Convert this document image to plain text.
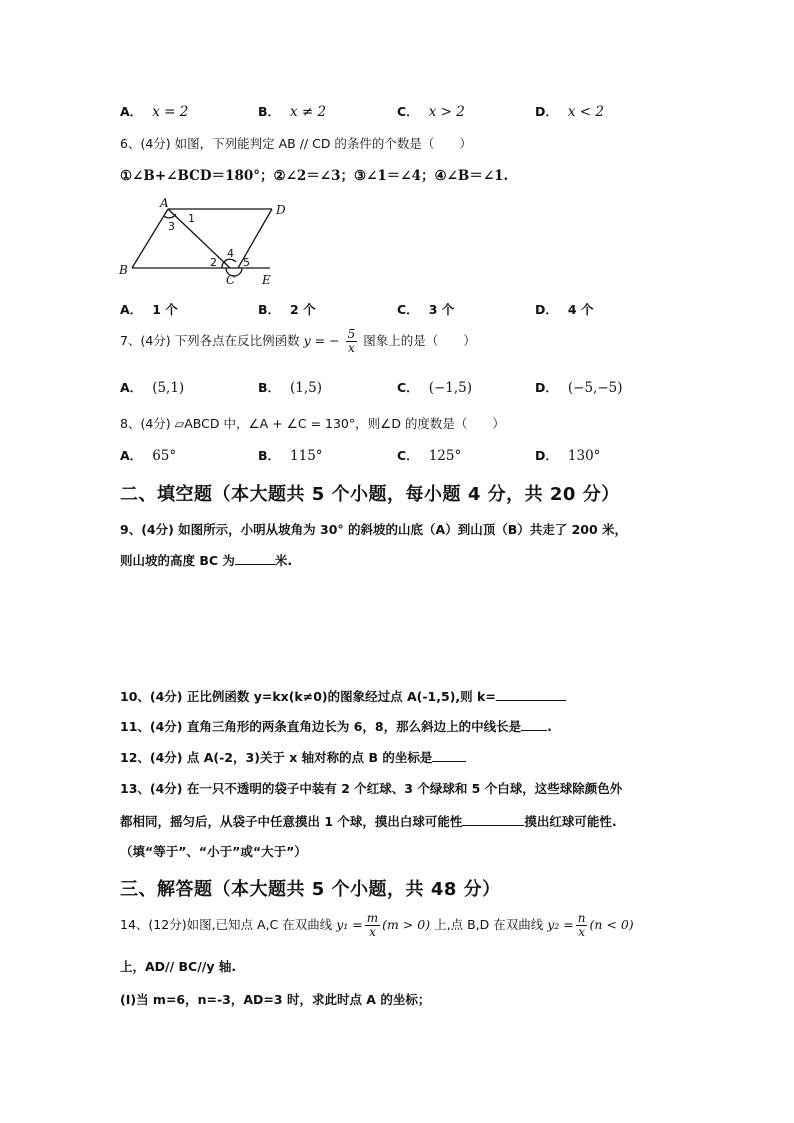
A． x = 2	B． x ≠ 2	C． x > 2	D． x < 2
6、(4分) 如图，下列能判定 AB // CD 的条件的个数是（　　）
①∠B+∠BCD＝180°；②∠2＝∠3；③∠1＝∠4；④∠B＝∠1.
A	D
B
C E
1
3
2
4
5
A． 1 个	B． 2 个	C． 3 个	D． 4 个
7、(4分) 下列各点在反比例函数 y = − $\frac{5}{x}$ 图象上的是（　　）
A． (5,1)	B． (1,5)	C． (−1,5)	D． (−5,−5)
8、(4分) ▱ABCD 中，∠A + ∠C = 130°，则∠D 的度数是（　　）
A． 65°	B． 115°	C． 125°	D． 130°
二、填空题（本大题共 5 个小题，每小题 4 分，共 20 分）
9、(4分) 如图所示，小明从坡角为 30° 的斜坡的山底（A）到山顶（B）共走了 200 米，
则山坡的高度 BC 为	米.
10、(4分) 正比例函数 y=kx(k≠0)的图象经过点 A(-1,5),则 k=
11、(4分) 直角三角形的两条直角边长为 6，8，那么斜边上的中线长是 .
12、(4分) 点 A(-2，3)关于 x 轴对称的点 B 的坐标是
13、(4分) 在一只不透明的袋子中装有 2 个红球、3 个绿球和 5 个白球，这些球除颜色外
都相同，摇匀后，从袋子中任意摸出 1 个球，摸出白球可能性	摸出红球可能性.
（填“等于”、“小于”或“大于”）
三、解答题（本大题共 5 个小题，共 48 分）
14、(12分)如图,已知点 A,C 在双曲线 $y_1 = \frac{m}{x} (m > 0)$ 上,点 B,D 在双曲线 $y_2 = \frac{n}{x} (n < 0)$
上，AD// BC//y 轴.
(I)当 m=6，n=-3，AD=3 时，求此时点 A 的坐标；
